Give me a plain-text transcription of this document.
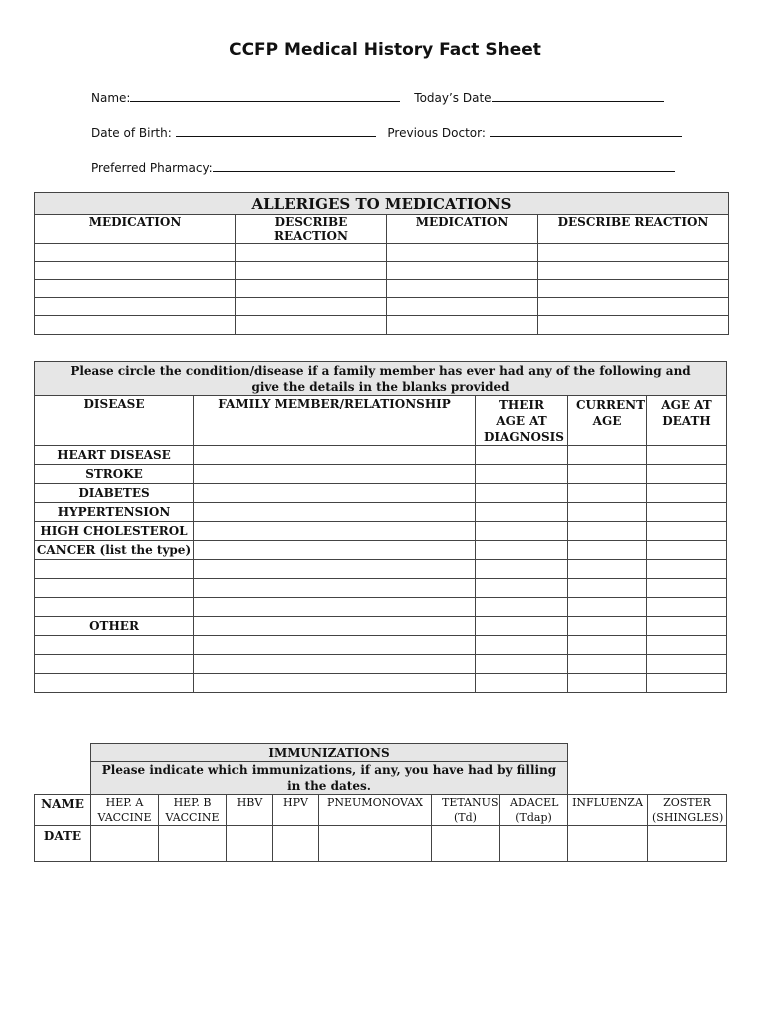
CCFP Medical History Fact Sheet
Name:	Today’s Date
Date of Birth:	Previous Doctor:
Preferred Pharmacy:
ALLERIGES TO MEDICATIONS			
MEDICATION	DESCRIBE REACTION	MEDICATION	DESCRIBE REACTION

Please circle the condition/disease if a family member has ever had any of the following and give the details in the blanks provided				
DISEASE	FAMILY MEMBER/RELATIONSHIP	THEIR AGE AT DIAGNOSIS	CURRENT AGE	AGE AT DEATH
HEART DISEASE				
STROKE				
DIABETES				
HYPERTENSION				
HIGH CHOLESTEROL				
CANCER (list the type)				

OTHER				

	IMMUNIZATIONS								
	Please indicate which immunizations, if any, you have had by filling in the dates.								
NAME	HEP. A VACCINE	HEP. B VACCINE	HBV	HPV	PNEUMONOVAX	TETANUS (Td)	ADACEL (Tdap)	INFLUENZA	ZOSTER (SHINGLES)
DATE									
